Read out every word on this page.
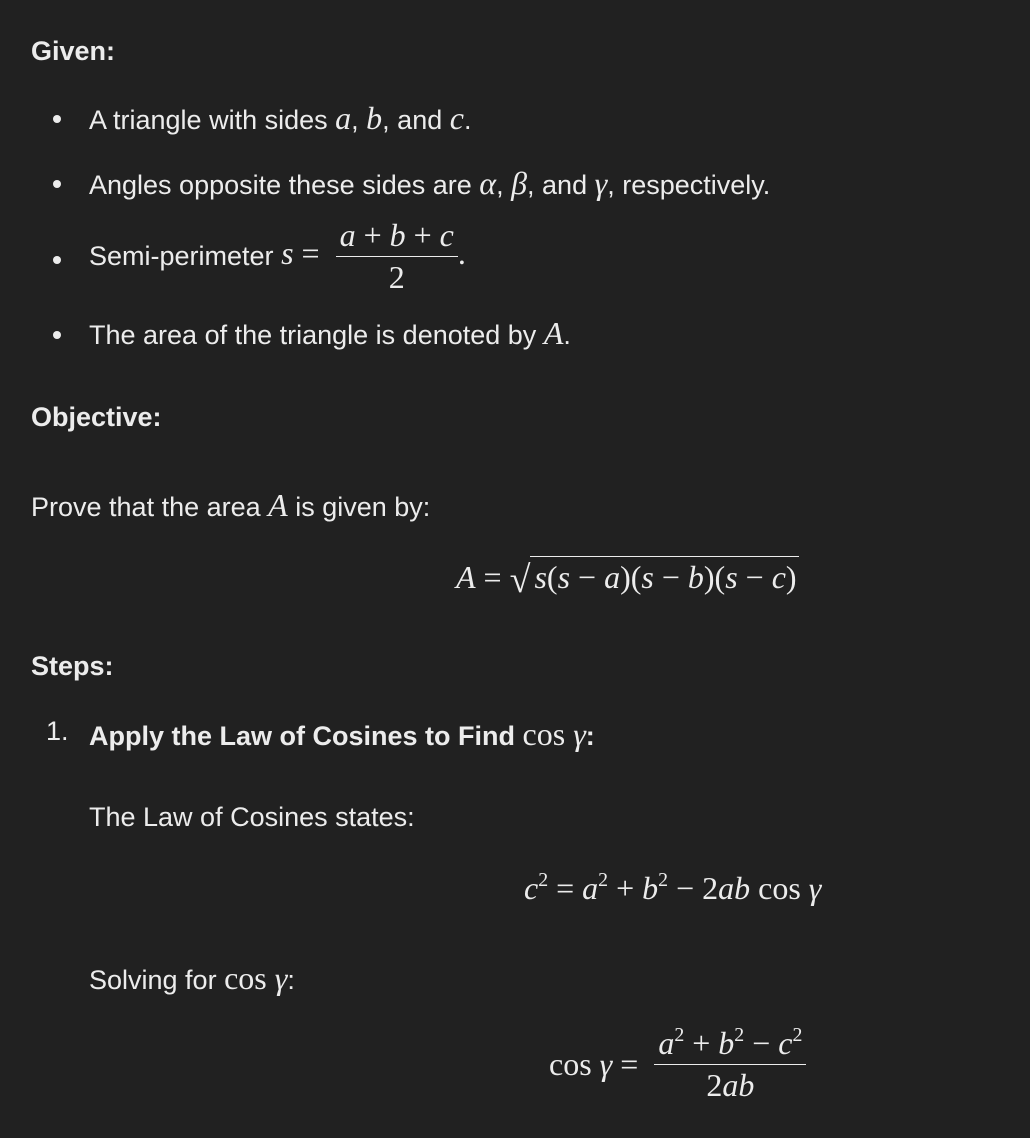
Given:
A triangle with sides a, b, and c.
Angles opposite these sides are α, β, and γ, respectively.
Semi-perimeter $s = \frac{a + b + c}{2}$ .
The area of the triangle is denoted by A.
Objective:
Prove that the area A is given by:
A = √ s(s − a)(s − b)(s − c)
Steps:
1. Apply the Law of Cosines to Find cos γ:
The Law of Cosines states:
$c^2 = a^2 + b^2 - 2ab$ cos γ
Solving for cos γ:
$\cos \gamma = \frac{a^2 + b^2 - c^2}{2ab}$
